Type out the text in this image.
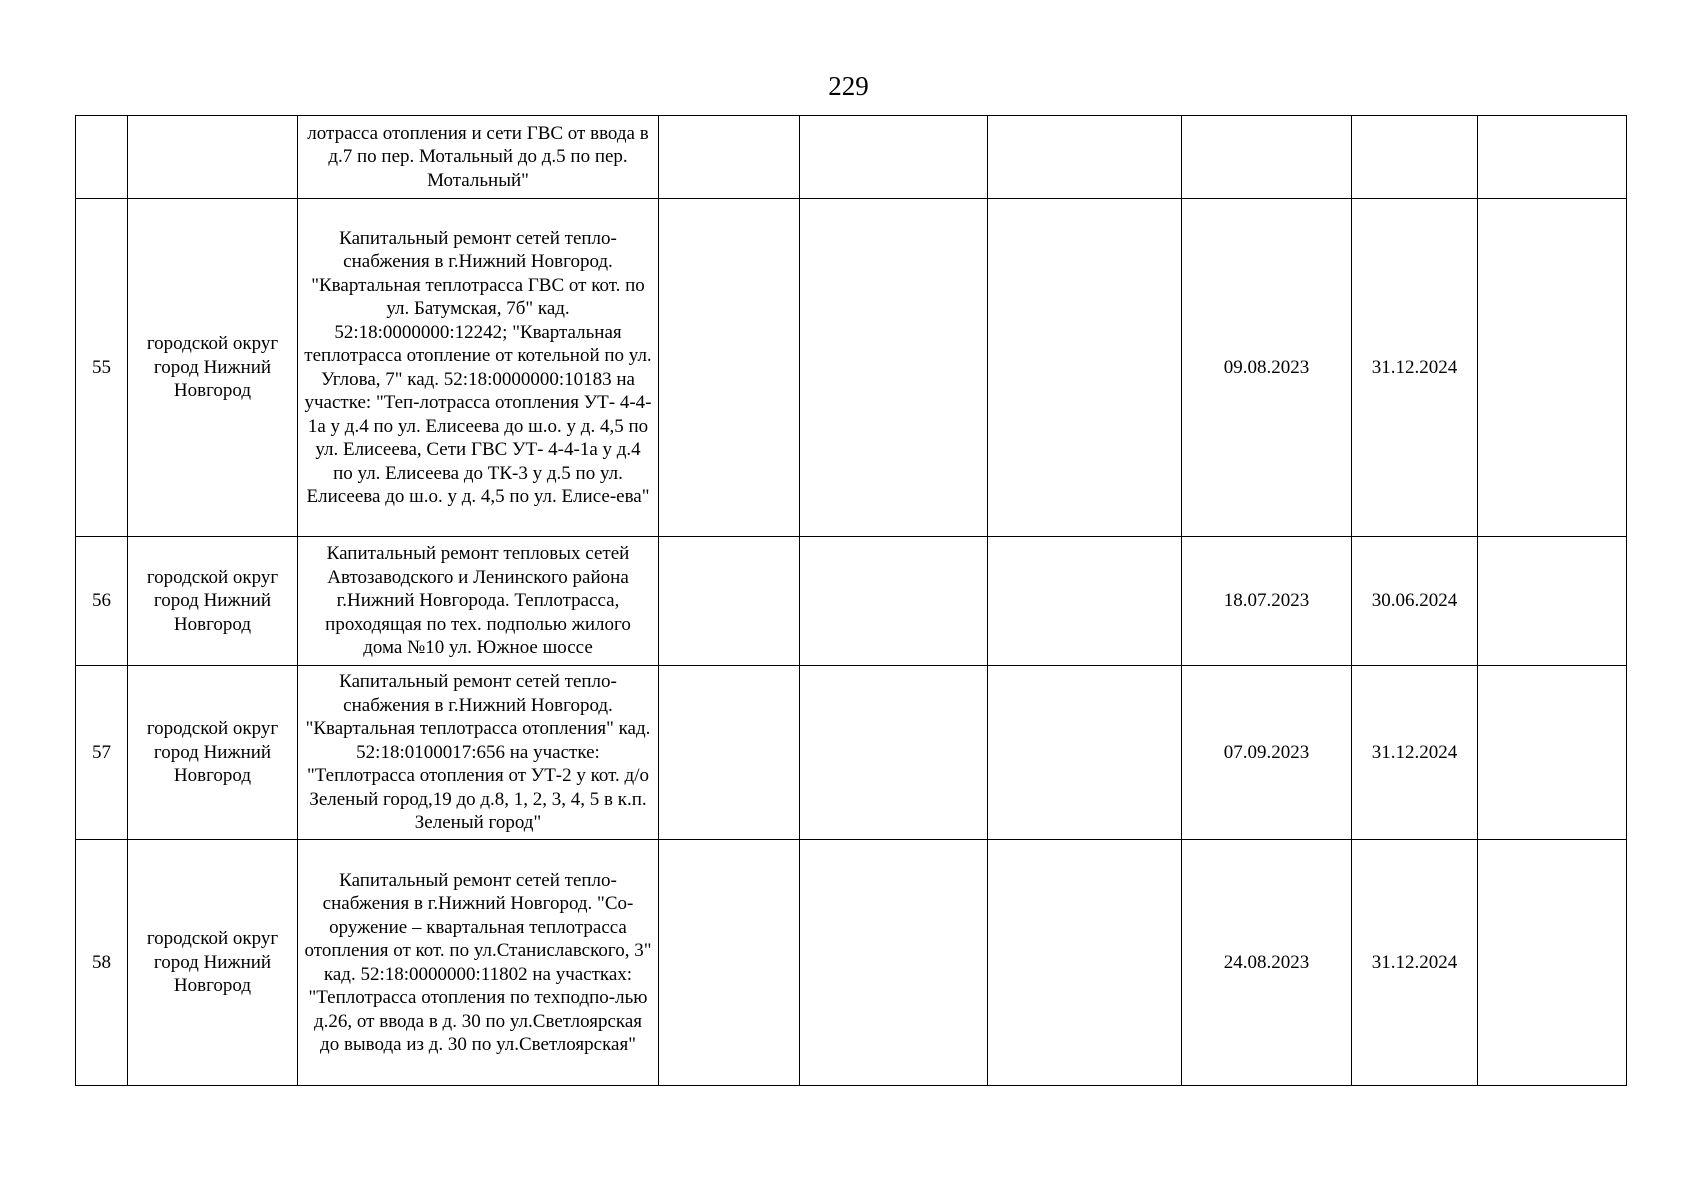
229
		лотрасса отопления и сети ГВС от ввода в д.7 по пер. Мотальный до д.5 по пер. Мотальный"						
55	городской округ город Нижний Новгород	Капитальный ремонт сетей тепло-снабжения в г.Нижний Новгород. "Квартальная теплотрасса ГВС от кот. по ул. Батумская, 7б" кад. 52:18:0000000:12242; "Квартальная теплотрасса отопление от котельной по ул. Углова, 7" кад. 52:18:0000000:10183 на участке: "Теп-лотрасса отопления УТ- 4-4-1а у д.4 по ул. Елисеева до ш.о. у д. 4,5 по ул. Елисеева, Сети ГВС УТ- 4-4-1а у д.4 по ул. Елисеева до ТК-3 у д.5 по ул. Елисеева до ш.о. у д. 4,5 по ул. Елисе-ева"				09.08.2023	31.12.2024	
56	городской округ город Нижний Новгород	Капитальный ремонт тепловых сетей Автозаводского и Ленинского района г.Нижний Новгорода. Теплотрасса, проходящая по тех. подполью жилого дома №10 ул. Южное шоссе				18.07.2023	30.06.2024	
57	городской округ город Нижний Новгород	Капитальный ремонт сетей тепло-снабжения в г.Нижний Новгород. "Квартальная теплотрасса отопления" кад. 52:18:0100017:656 на участке: "Теплотрасса отопления от УТ-2 у кот. д/о Зеленый город,19 до д.8, 1, 2, 3, 4, 5 в к.п. Зеленый город"				07.09.2023	31.12.2024	
58	городской округ город Нижний Новгород	Капитальный ремонт сетей тепло-снабжения в г.Нижний Новгород. "Со-оружение – квартальная теплотрасса отопления от кот. по ул.Станиславского, 3" кад. 52:18:0000000:11802 на участках: "Теплотрасса отопления по техподпо-лью д.26, от ввода в д. 30 по ул.Светлоярская до вывода из д. 30 по ул.Светлоярская"				24.08.2023	31.12.2024	
